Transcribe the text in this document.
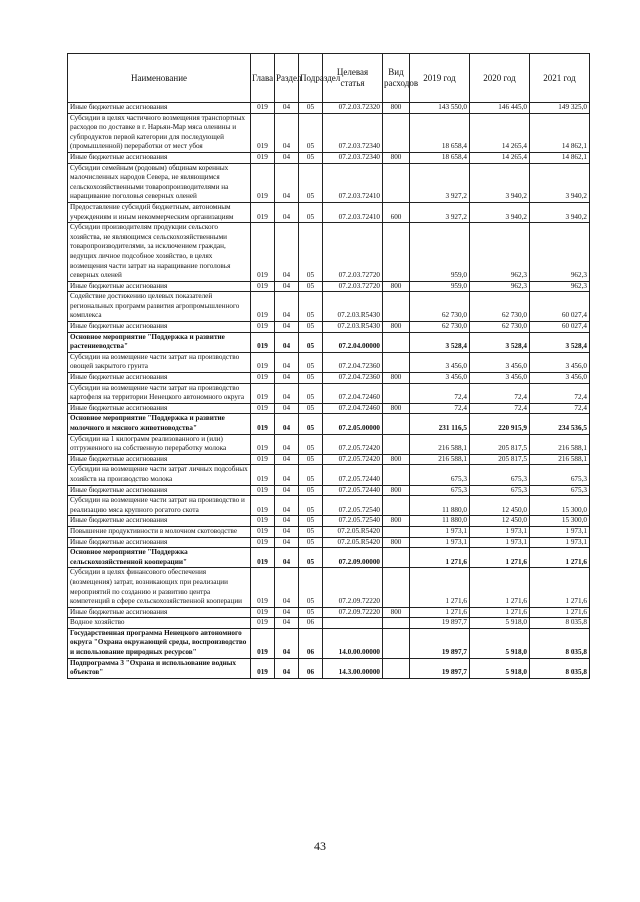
Наименование	Глава	Раздел	Подраздел	Целевая статья	Вид расходов	2019 год	2020 год	2021 год
Иные бюджетные ассигнования	019	04	05	07.2.03.72320	800	143 550,0	146 445,0	149 325,0
Субсидии в целях частичного возмещения транспортных расходов по доставке в г. Нарьян-Мар мяса оленины и субпродуктов первой категории для последующей (промышленной) переработки от мест убоя	019	04	05	07.2.03.72340		18 658,4	14 265,4	14 862,1
Иные бюджетные ассигнования	019	04	05	07.2.03.72340	800	18 658,4	14 265,4	14 862,1
Субсидии семейным (родовым) общинам коренных малочисленных народов Севера, не являющимся сельскохозяйственными товаропроизводителями на наращивание поголовья северных оленей	019	04	05	07.2.03.72410		3 927,2	3 940,2	3 940,2
Предоставление субсидий бюджетным, автономным учреждениям и иным некоммерческим организациям	019	04	05	07.2.03.72410	600	3 927,2	3 940,2	3 940,2
Субсидии производителям продукции сельского хозяйства, не являющимся сельскохозяйственными товаропроизводителями, за исключением граждан, ведущих личное подсобное хозяйство, в целях возмещения части затрат на наращивание поголовья северных оленей	019	04	05	07.2.03.72720		959,0	962,3	962,3
Иные бюджетные ассигнования	019	04	05	07.2.03.72720	800	959,0	962,3	962,3
Содействие достижению целевых показателей региональных программ развития агропромышленного комплекса	019	04	05	07.2.03.R5430		62 730,0	62 730,0	60 027,4
Иные бюджетные ассигнования	019	04	05	07.2.03.R5430	800	62 730,0	62 730,0	60 027,4
Основное мероприятие "Поддержка и развитие растениеводства"	019	04	05	07.2.04.00000		3 528,4	3 528,4	3 528,4
Субсидии на возмещение части затрат на производство овощей закрытого грунта	019	04	05	07.2.04.72360		3 456,0	3 456,0	3 456,0
Иные бюджетные ассигнования	019	04	05	07.2.04.72360	800	3 456,0	3 456,0	3 456,0
Субсидии на возмещение части затрат на производство картофеля на территории Ненецкого автономного округа	019	04	05	07.2.04.72460		72,4	72,4	72,4
Иные бюджетные ассигнования	019	04	05	07.2.04.72460	800	72,4	72,4	72,4
Основное мероприятие "Поддержка и развитие молочного и мясного животноводства"	019	04	05	07.2.05.00000		231 116,5	220 915,9	234 536,5
Субсидии на 1 килограмм реализованного и (или) отгруженного на собственную переработку молока	019	04	05	07.2.05.72420		216 588,1	205 817,5	216 588,1
Иные бюджетные ассигнования	019	04	05	07.2.05.72420	800	216 588,1	205 817,5	216 588,1
Субсидии на возмещение части затрат личных подсобных хозяйств на производство молока	019	04	05	07.2.05.72440		675,3	675,3	675,3
Иные бюджетные ассигнования	019	04	05	07.2.05.72440	800	675,3	675,3	675,3
Субсидии на возмещение части затрат на производство и реализацию мяса крупного рогатого скота	019	04	05	07.2.05.72540		11 880,0	12 450,0	15 300,0
Иные бюджетные ассигнования	019	04	05	07.2.05.72540	800	11 880,0	12 450,0	15 300,0
Повышение продуктивности в молочном скотоводстве	019	04	05	07.2.05.R5420		1 973,1	1 973,1	1 973,1
Иные бюджетные ассигнования	019	04	05	07.2.05.R5420	800	1 973,1	1 973,1	1 973,1
Основное мероприятие "Поддержка сельскохозяйственной кооперации"	019	04	05	07.2.09.00000		1 271,6	1 271,6	1 271,6
Субсидии в целях финансового обеспечения (возмещения) затрат, возникающих при реализации мероприятий по созданию и развитию центра компетенций в сфере сельскохозяйственной кооперации	019	04	05	07.2.09.72220		1 271,6	1 271,6	1 271,6
Иные бюджетные ассигнования	019	04	05	07.2.09.72220	800	1 271,6	1 271,6	1 271,6
Водное хозяйство	019	04	06			19 897,7	5 918,0	8 035,8
Государственная программа Ненецкого автономного округа "Охрана окружающей среды, воспроизводство и использование природных ресурсов"	019	04	06	14.0.00.00000		19 897,7	5 918,0	8 035,8
Подпрограмма 3 "Охрана и использование водных объектов"	019	04	06	14.3.00.00000		19 897,7	5 918,0	8 035,8
43
